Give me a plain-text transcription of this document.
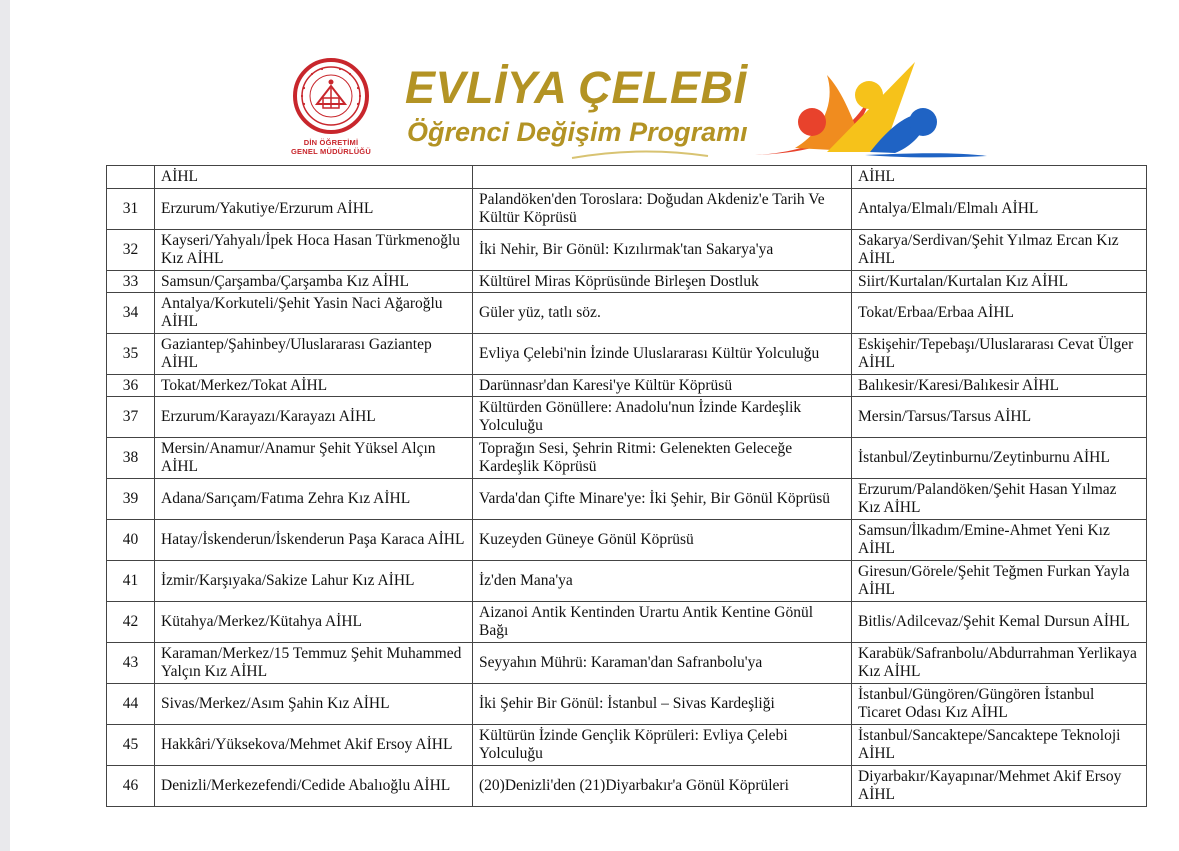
DİN ÖĞRETİMİ
GENEL MÜDÜRLÜĞÜ
EVLİYA ÇELEBİ
Öğrenci Değişim Programı
	AİHL		AİHL
31	Erzurum/Yakutiye/Erzurum AİHL	Palandöken'den Toroslara: Doğudan Akdeniz'e Tarih Ve Kültür Köprüsü	Antalya/Elmalı/Elmalı AİHL
32	Kayseri/Yahyalı/İpek Hoca Hasan Türkmenoğlu Kız AİHL	İki Nehir, Bir Gönül: Kızılırmak'tan Sakarya'ya	Sakarya/Serdivan/Şehit Yılmaz Ercan Kız AİHL
33	Samsun/Çarşamba/Çarşamba Kız AİHL	Kültürel Miras Köprüsünde Birleşen Dostluk	Siirt/Kurtalan/Kurtalan Kız AİHL
34	Antalya/Korkuteli/Şehit Yasin Naci Ağaroğlu AİHL	Güler yüz, tatlı söz.	Tokat/Erbaa/Erbaa AİHL
35	Gaziantep/Şahinbey/Uluslararası Gaziantep AİHL	Evliya Çelebi'nin İzinde Uluslararası Kültür Yolculuğu	Eskişehir/Tepebaşı/Uluslararası Cevat Ülger AİHL
36	Tokat/Merkez/Tokat AİHL	Darünnasr'dan Karesi'ye Kültür Köprüsü	Balıkesir/Karesi/Balıkesir AİHL
37	Erzurum/Karayazı/Karayazı AİHL	Kültürden Gönüllere: Anadolu'nun İzinde Kardeşlik Yolculuğu	Mersin/Tarsus/Tarsus AİHL
38	Mersin/Anamur/Anamur Şehit Yüksel Alçın AİHL	Toprağın Sesi, Şehrin Ritmi: Gelenekten Geleceğe Kardeşlik Köprüsü	İstanbul/Zeytinburnu/Zeytinburnu AİHL
39	Adana/Sarıçam/Fatıma Zehra Kız AİHL	Varda'dan Çifte Minare'ye: İki Şehir, Bir Gönül Köprüsü	Erzurum/Palandöken/Şehit Hasan Yılmaz Kız AİHL
40	Hatay/İskenderun/İskenderun Paşa Karaca AİHL	Kuzeyden Güneye Gönül Köprüsü	Samsun/İlkadım/Emine-Ahmet Yeni Kız AİHL
41	İzmir/Karşıyaka/Sakize Lahur Kız AİHL	İz'den Mana'ya	Giresun/Görele/Şehit Teğmen Furkan Yayla AİHL
42	Kütahya/Merkez/Kütahya AİHL	Aizanoi Antik Kentinden Urartu Antik Kentine Gönül Bağı	Bitlis/Adilcevaz/Şehit Kemal Dursun AİHL
43	Karaman/Merkez/15 Temmuz Şehit Muhammed Yalçın Kız AİHL	Seyyahın Mührü: Karaman'dan Safranbolu'ya	Karabük/Safranbolu/Abdurrahman Yerlikaya Kız AİHL
44	Sivas/Merkez/Asım Şahin Kız AİHL	İki Şehir Bir Gönül: İstanbul – Sivas Kardeşliği	İstanbul/Güngören/Güngören İstanbul Ticaret Odası Kız AİHL
45	Hakkâri/Yüksekova/Mehmet Akif Ersoy AİHL	Kültürün İzinde Gençlik Köprüleri: Evliya Çelebi Yolculuğu	İstanbul/Sancaktepe/Sancaktepe Teknoloji AİHL
46	Denizli/Merkezefendi/Cedide Abalıoğlu AİHL	(20)Denizli'den (21)Diyarbakır'a Gönül Köprüleri	Diyarbakır/Kayapınar/Mehmet Akif Ersoy AİHL
